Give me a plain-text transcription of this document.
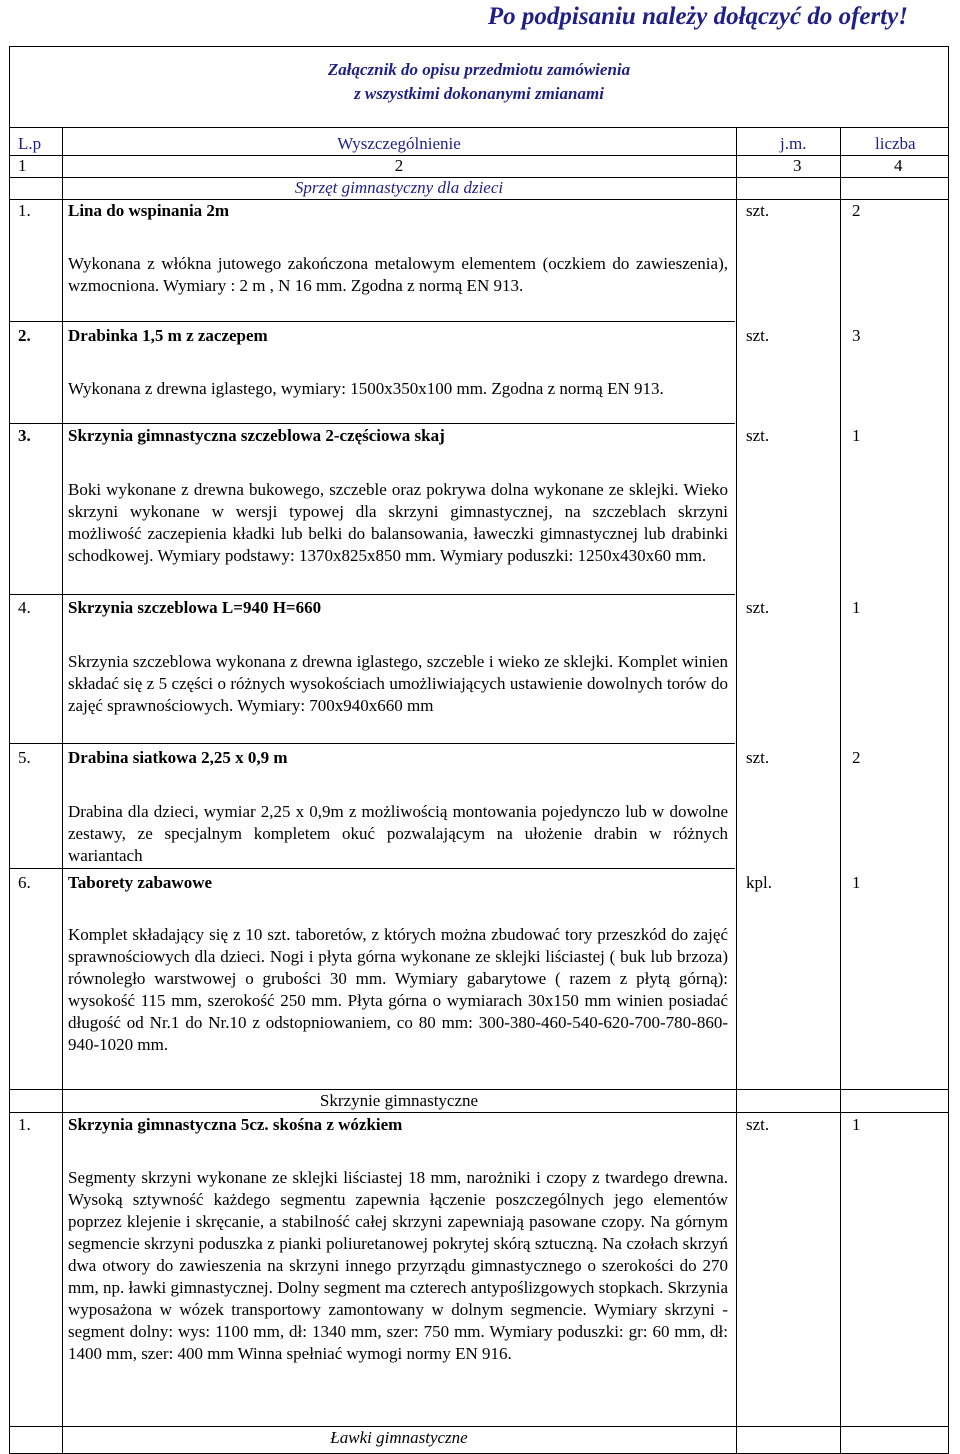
Po podpisaniu należy dołączyć do oferty!
Załącznik do opisu przedmiotu zamówienia
z wszystkimi dokonanymi zmianami
L.p	Wyszczególnienie	j.m.	liczba
1	2	3	4
Sprzęt gimnastyczny dla dzieci
1. Lina do wspinania 2m	szt.	2
Wykonana z włókna jutowego zakończona metalowym elementem (oczkiem do zawieszenia), wzmocniona. Wymiary : 2 m , N 16 mm. Zgodna z normą EN 913.
2. Drabinka 1,5 m z zaczepem	szt.	3
Wykonana z drewna iglastego, wymiary: 1500x350x100 mm. Zgodna z normą EN 913.
3. Skrzynia gimnastyczna szczeblowa 2-częściowa skaj	szt.	1
Boki wykonane z drewna bukowego, szczeble oraz pokrywa dolna wykonane ze sklejki. Wieko skrzyni wykonane w wersji typowej dla skrzyni gimnastycznej, na szczeblach skrzyni możliwość zaczepienia kładki lub belki do balansowania, ławeczki gimnastycznej lub drabinki schodkowej. Wymiary podstawy: 1370x825x850 mm. Wymiary poduszki: 1250x430x60 mm.
4. Skrzynia szczeblowa L=940 H=660	szt.	1
Skrzynia szczeblowa wykonana z drewna iglastego, szczeble i wieko ze sklejki. Komplet winien składać się z 5 części o różnych wysokościach umożliwiających ustawienie dowolnych torów do zajęć sprawnościowych. Wymiary: 700x940x660 mm
5. Drabina siatkowa 2,25 x 0,9 m	szt.	2
Drabina dla dzieci, wymiar 2,25 x 0,9m z możliwością montowania pojedynczo lub w dowolne zestawy, ze specjalnym kompletem okuć pozwalającym na ułożenie drabin w różnych wariantach
6. Taborety zabawowe	kpl.	1
Komplet składający się z 10 szt. taboretów, z których można zbudować tory przeszkód do zajęć sprawnościowych dla dzieci. Nogi i płyta górna wykonane ze sklejki liściastej ( buk lub brzoza) równoległo warstwowej o grubości 30 mm. Wymiary gabarytowe ( razem z płytą górną): wysokość 115 mm, szerokość 250 mm. Płyta górna o wymiarach 30x150 mm winien posiadać długość od Nr.1 do Nr.10 z odstopniowaniem, co 80 mm: 300-380-460-540-620-700-780-860-940-1020 mm.
Skrzynie gimnastyczne
1. Skrzynia gimnastyczna 5cz. skośna z wózkiem	szt.	1
Segmenty skrzyni wykonane ze sklejki liściastej 18 mm, narożniki i czopy z twardego drewna. Wysoką sztywność każdego segmentu zapewnia łączenie poszczególnych jego elementów poprzez klejenie i skręcanie, a stabilność całej skrzyni zapewniają pasowane czopy. Na górnym segmencie skrzyni poduszka z pianki poliuretanowej pokrytej skórą sztuczną. Na czołach skrzyń dwa otwory do zawieszenia na skrzyni innego przyrządu gimnastycznego o szerokości do 270 mm, np. ławki gimnastycznej. Dolny segment ma czterech antypoślizgowych stopkach. Skrzynia wyposażona w wózek transportowy zamontowany w dolnym segmencie. Wymiary skrzyni - segment dolny: wys: 1100 mm, dł: 1340 mm, szer: 750 mm. Wymiary poduszki: gr: 60 mm, dł: 1400 mm, szer: 400 mm Winna spełniać wymogi normy EN 916.
Ławki gimnastyczne
